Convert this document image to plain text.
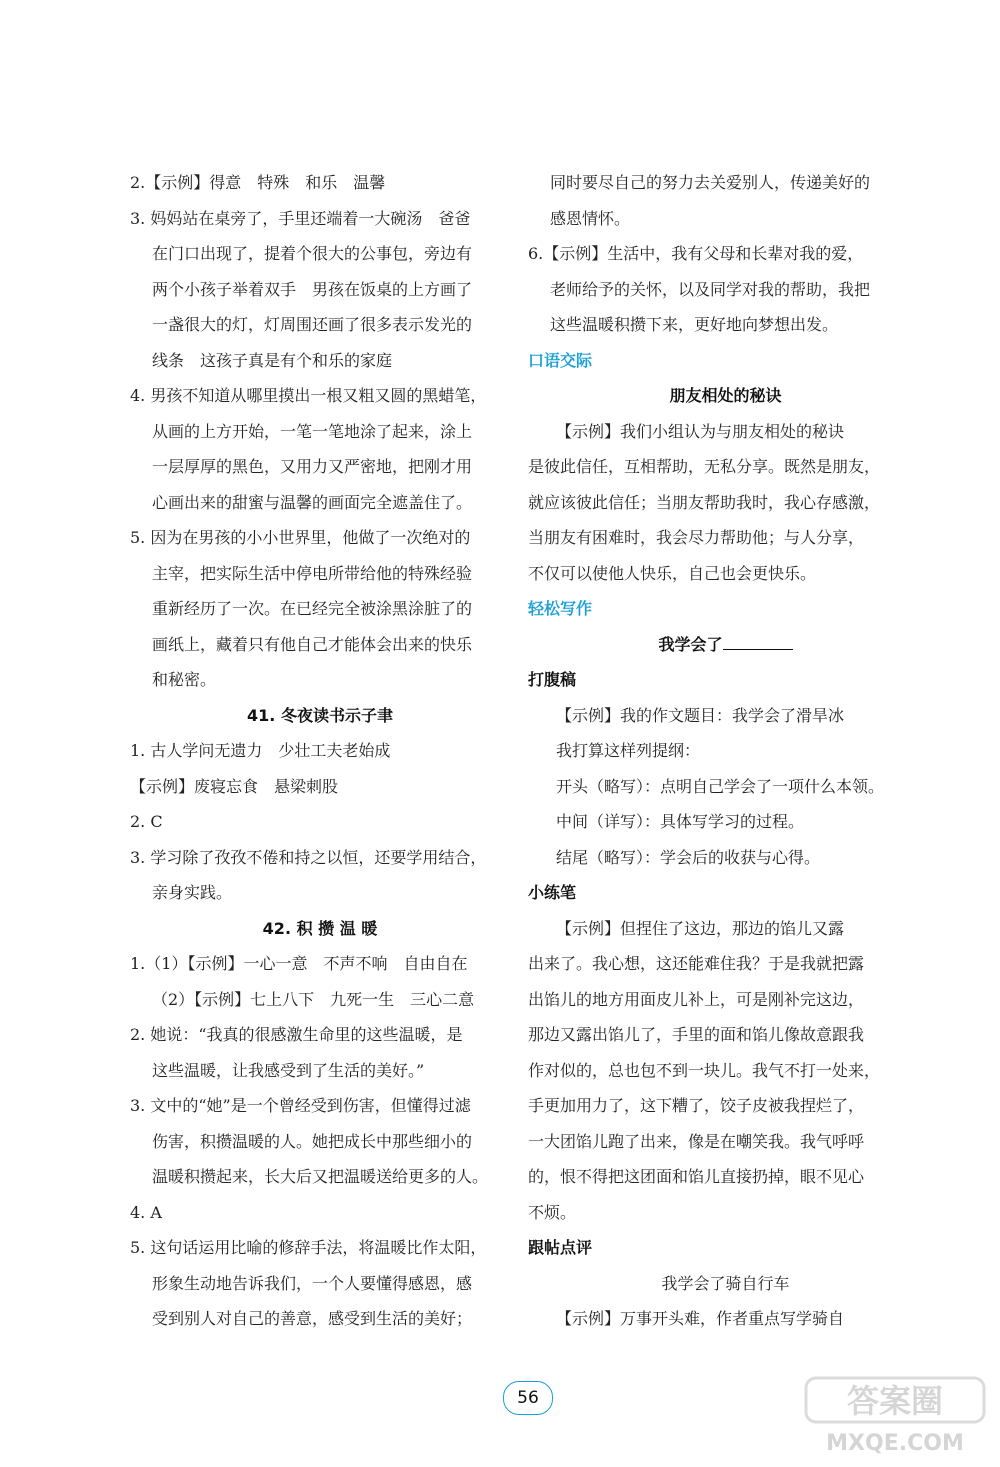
2.【示例】得意　特殊　和乐　温馨
3. 妈妈站在桌旁了，手里还端着一大碗汤　爸爸
在门口出现了，提着个很大的公事包，旁边有
两个小孩子举着双手　男孩在饭桌的上方画了
一盏很大的灯，灯周围还画了很多表示发光的
线条　这孩子真是有个和乐的家庭
4. 男孩不知道从哪里摸出一根又粗又圆的黑蜡笔，
从画的上方开始，一笔一笔地涂了起来，涂上
一层厚厚的黑色，又用力又严密地，把刚才用
心画出来的甜蜜与温馨的画面完全遮盖住了。
5. 因为在男孩的小小世界里，他做了一次绝对的
主宰，把实际生活中停电所带给他的特殊经验
重新经历了一次。在已经完全被涂黑涂脏了的
画纸上，藏着只有他自己才能体会出来的快乐
和秘密。
41. 冬夜读书示子聿
1. 古人学问无遗力　少壮工夫老始成
【示例】废寝忘食　悬梁刺股
2. C
3. 学习除了孜孜不倦和持之以恒，还要学用结合，
亲身实践。
42. 积 攒 温 暖
1.（1）【示例】一心一意　不声不响　自由自在
（2）【示例】七上八下　九死一生　三心二意
2. 她说：“我真的很感激生命里的这些温暖，是
这些温暖，让我感受到了生活的美好。”
3. 文中的“她”是一个曾经受到伤害，但懂得过滤
伤害，积攒温暖的人。她把成长中那些细小的
温暖积攒起来，长大后又把温暖送给更多的人。
4. A
5. 这句话运用比喻的修辞手法，将温暖比作太阳，
形象生动地告诉我们，一个人要懂得感恩，感
受到别人对自己的善意，感受到生活的美好；
同时要尽自己的努力去关爱别人，传递美好的
感恩情怀。
6.【示例】生活中，我有父母和长辈对我的爱，
老师给予的关怀，以及同学对我的帮助，我把
这些温暖积攒下来，更好地向梦想出发。
口语交际
朋友相处的秘诀
【示例】我们小组认为与朋友相处的秘诀
是彼此信任，互相帮助，无私分享。既然是朋友，
就应该彼此信任；当朋友帮助我时，我心存感激，
当朋友有困难时，我会尽力帮助他；与人分享，
不仅可以使他人快乐，自己也会更快乐。
轻松写作
我学会了
打腹稿
【示例】我的作文题目：我学会了滑旱冰
我打算这样列提纲：
开头（略写）：点明自己学会了一项什么本领。
中间（详写）：具体写学习的过程。
结尾（略写）：学会后的收获与心得。
小练笔
【示例】但捏住了这边，那边的馅儿又露
出来了。我心想，这还能难住我？于是我就把露
出馅儿的地方用面皮儿补上，可是刚补完这边，
那边又露出馅儿了，手里的面和馅儿像故意跟我
作对似的，总也包不到一块儿。我气不打一处来，
手更加用力了，这下糟了，饺子皮被我捏烂了，
一大团馅儿跑了出来，像是在嘲笑我。我气呼呼
的，恨不得把这团面和馅儿直接扔掉，眼不见心
不烦。
跟帖点评
我学会了骑自行车
【示例】万事开头难，作者重点写学骑自
56	答案圈
MXQE.COM
